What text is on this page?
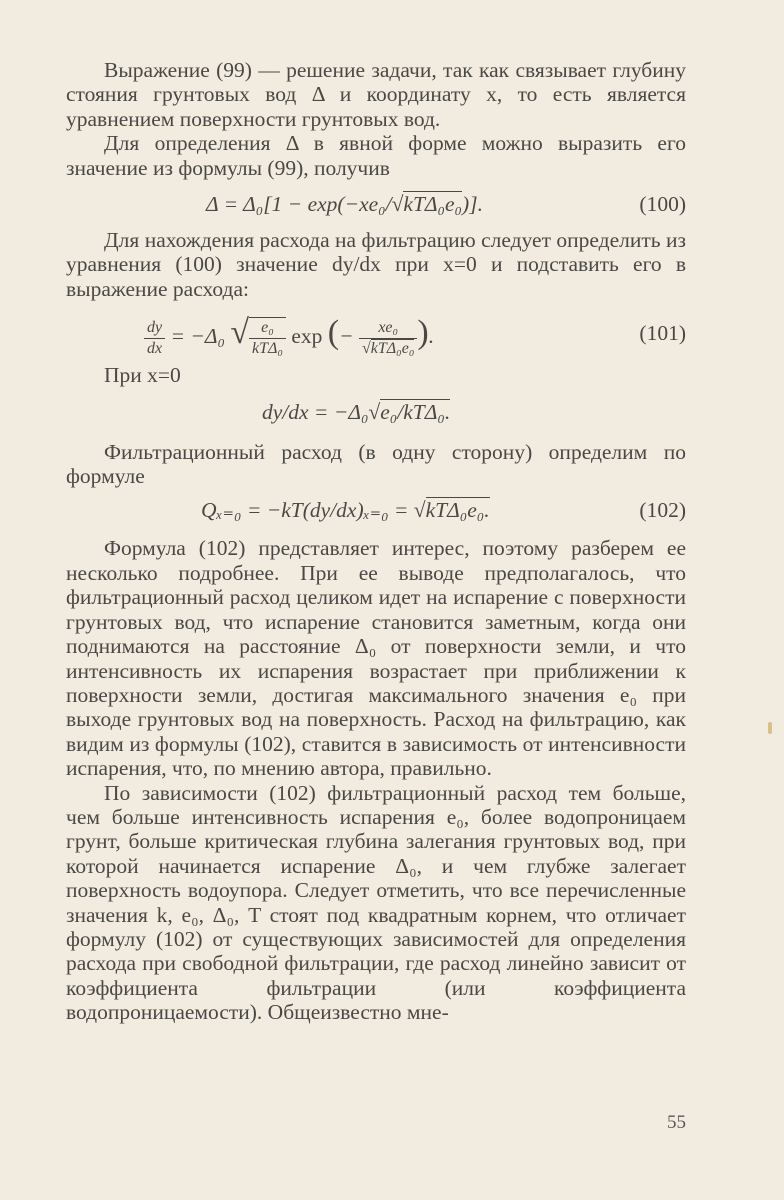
Выражение (99) — решение задачи, так как связывает глубину стояния грунтовых вод Δ и координату x, то есть является уравнением поверхности грунтовых вод.

Для определения Δ в явной форме можно выразить его значение из формулы (99), получив

Δ = Δ₀[1 − exp(−xe₀/√kTΔ₀e₀)].	(100)

Для нахождения расхода на фильтрацию следует определить из уравнения (100) значение dy/dx при x=0 и подставить его в выражение расхода:

$\frac{dy}{dx} = -\Delta_0$ √ $\frac{\text{e₀}}{\text{kTΔ₀}}$ exp (− $\frac{\text{xe₀}}{\text{√kTΔ₀e₀}}$ ).	(101)

При x=0

dy/dx = −Δ₀√e₀/kTΔ₀.

Фильтрационный расход (в одну сторону) определим по формуле

Qₓ₌₀ = −kT(dy/dx)ₓ₌₀ = √kTΔ₀e₀.	(102)

Формула (102) представляет интерес, поэтому разберем ее несколько подробнее. При ее выводе предполагалось, что фильтрационный расход целиком идет на испарение с поверхности грунтовых вод, что испарение становится заметным, когда они поднимаются на расстояние Δ₀ от поверхности земли, и что интенсивность их испарения возрастает при приближении к поверхности земли, достигая максимального значения e₀ при выходе грунтовых вод на поверхность. Расход на фильтрацию, как видим из формулы (102), ставится в зависимость от интенсивности испарения, что, по мнению автора, правильно.

По зависимости (102) фильтрационный расход тем больше, чем больше интенсивность испарения e₀, более водопроницаем грунт, больше критическая глубина залегания грунтовых вод, при которой начинается испарение Δ₀, и чем глубже залегает поверхность водоупора. Следует отметить, что все перечисленные значения k, e₀, Δ₀, T стоят под квадратным корнем, что отличает формулу (102) от существующих зависимостей для определения расхода при свободной фильтрации, где расход линейно зависит от коэффициента фильтрации (или коэффициента водопроницаемости). Общеизвестно мне-

55
